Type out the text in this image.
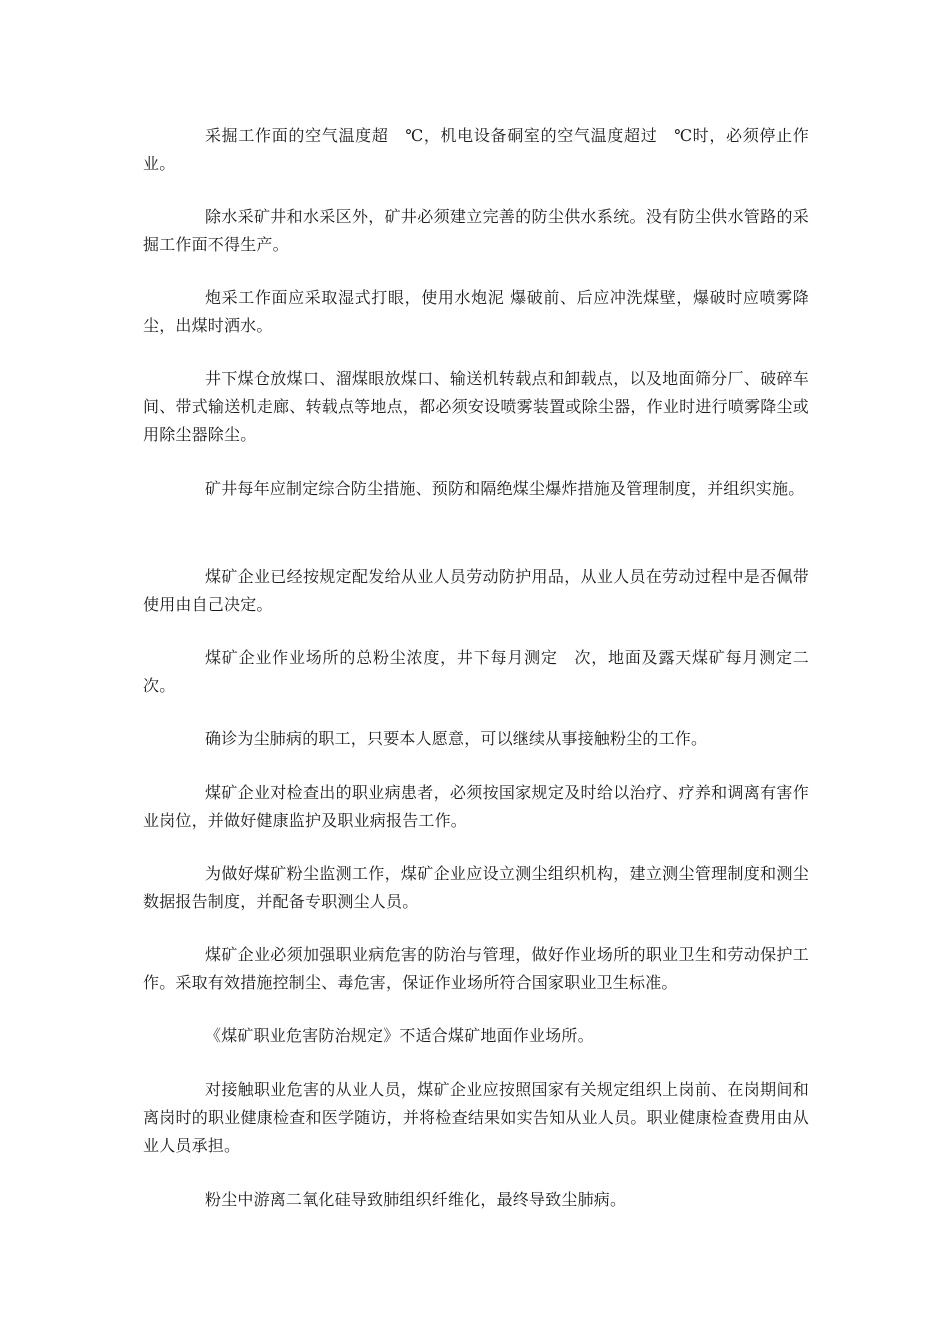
采掘工作面的空气温度超　℃，机电设备硐室的空气温度超过　℃时，必须停止作业。

除水采矿井和水采区外，矿井必须建立完善的防尘供水系统。没有防尘供水管路的采掘工作面不得生产。

炮采工作面应采取湿式打眼，使用水炮泥 爆破前、后应冲洗煤壁，爆破时应喷雾降尘，出煤时洒水。

井下煤仓放煤口、溜煤眼放煤口、输送机转载点和卸载点，以及地面筛分厂、破碎车间、带式输送机走廊、转载点等地点，都必须安设喷雾装置或除尘器，作业时进行喷雾降尘或用除尘器除尘。

矿井每年应制定综合防尘措施、预防和隔绝煤尘爆炸措施及管理制度，并组织实施。

煤矿企业已经按规定配发给从业人员劳动防护用品，从业人员在劳动过程中是否佩带使用由自己决定。

煤矿企业作业场所的总粉尘浓度，井下每月测定　次，地面及露天煤矿每月测定二次。

确诊为尘肺病的职工，只要本人愿意，可以继续从事接触粉尘的工作。

煤矿企业对检查出的职业病患者，必须按国家规定及时给以治疗、疗养和调离有害作业岗位，并做好健康监护及职业病报告工作。

为做好煤矿粉尘监测工作，煤矿企业应设立测尘组织机构，建立测尘管理制度和测尘数据报告制度，并配备专职测尘人员。

煤矿企业必须加强职业病危害的防治与管理，做好作业场所的职业卫生和劳动保护工作。采取有效措施控制尘、毒危害，保证作业场所符合国家职业卫生标准。

《煤矿职业危害防治规定》不适合煤矿地面作业场所。

对接触职业危害的从业人员，煤矿企业应按照国家有关规定组织上岗前、在岗期间和离岗时的职业健康检查和医学随访，并将检查结果如实告知从业人员。职业健康检查费用由从业人员承担。

粉尘中游离二氧化硅导致肺组织纤维化，最终导致尘肺病。
